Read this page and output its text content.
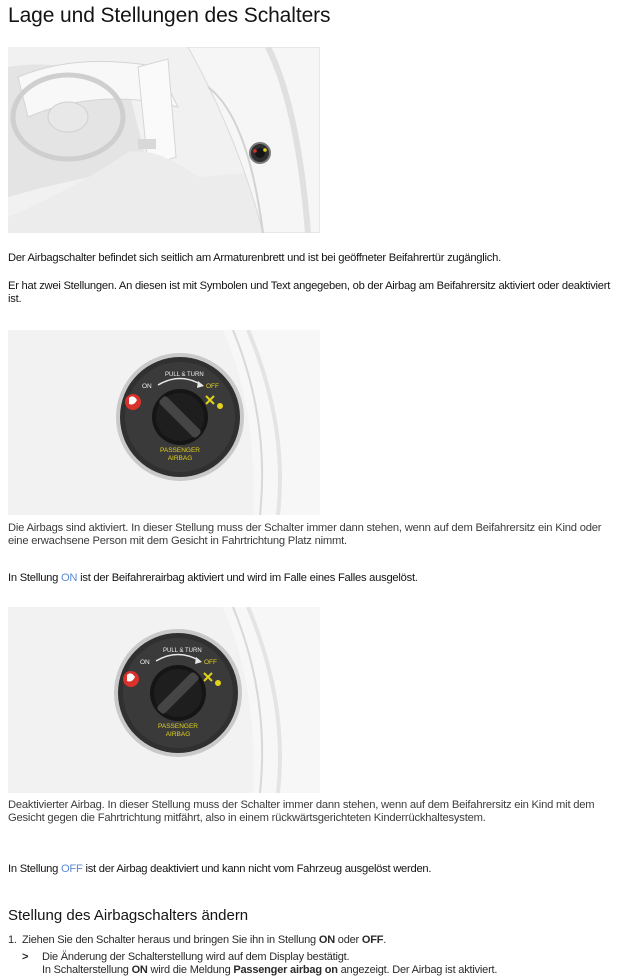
Lage und Stellungen des Schalters

Der Airbagschalter befindet sich seitlich am Armaturenbrett und ist bei geöffneter Beifahrertür zugänglich.

Er hat zwei Stellungen. An diesen ist mit Symbolen und Text angegeben, ob der Airbag am Beifahrersitz aktiviert oder deaktiviert ist.

PULL & TURN
ON	OFF
PASSENGER
AIRBAG

Die Airbags sind aktiviert. In dieser Stellung muss der Schalter immer dann stehen, wenn auf dem Beifahrersitz ein Kind oder eine erwachsene Person mit dem Gesicht in Fahrtrichtung Platz nimmt.

In Stellung ON ist der Beifahrerairbag aktiviert und wird im Falle eines Falles ausgelöst.

PULL & TURN
ON	OFF
PASSENGER
AIRBAG

Deaktivierter Airbag. In dieser Stellung muss der Schalter immer dann stehen, wenn auf dem Beifahrersitz ein Kind mit dem Gesicht gegen die Fahrtrichtung mitfährt, also in einem rückwärtsgerichteten Kinderrückhaltesystem.

In Stellung OFF ist der Airbag deaktiviert und kann nicht vom Fahrzeug ausgelöst werden.

Stellung des Airbagschalters ändern
1. Ziehen Sie den Schalter heraus und bringen Sie ihn in Stellung ON oder OFF.
>	Die Änderung der Schalterstellung wird auf dem Display bestätigt.
In Schalterstellung ON wird die Meldung Passenger airbag on angezeigt. Der Airbag ist aktiviert.
